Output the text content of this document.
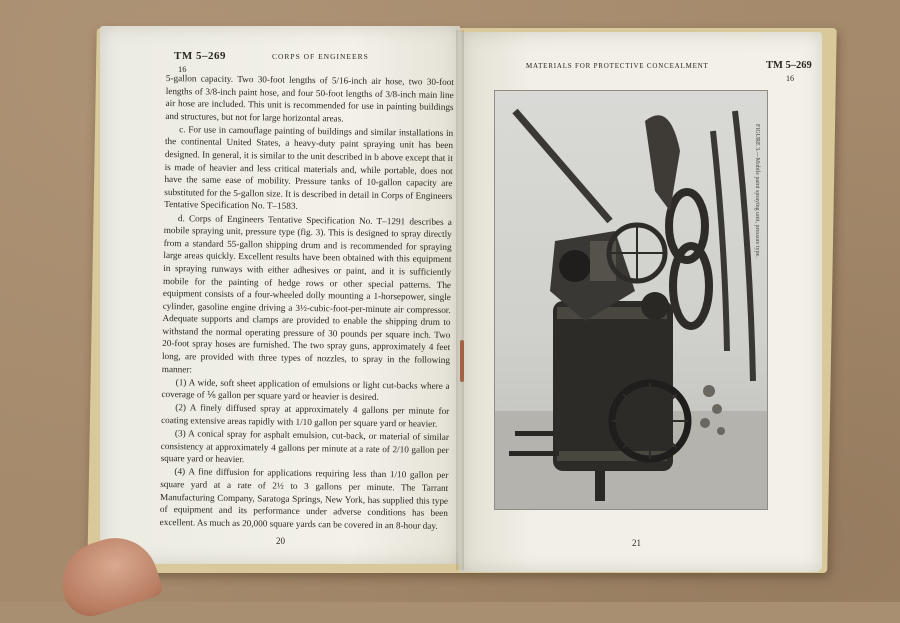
TM 5–269
16
CORPS OF ENGINEERS

5-gallon capacity. Two 30-foot lengths of 5/16-inch air hose, two 30-foot lengths of 3/8-inch paint hose, and four 50-foot lengths of 3/8-inch main line air hose are included. This unit is recommended for use in painting buildings and structures, but not for large horizontal areas.

c. For use in camouflage painting of buildings and similar installations in the continental United States, a heavy-duty paint spraying unit has been designed. In general, it is similar to the unit described in b above except that it is made of heavier and less critical materials and, while portable, does not have the same ease of mobility. Pressure tanks of 10-gallon capacity are substituted for the 5-gallon size. It is described in detail in Corps of Engineers Tentative Specification No. T–1583.

d. Corps of Engineers Tentative Specification No. T–1291 describes a mobile spraying unit, pressure type (fig. 3). This is designed to spray directly from a standard 55-gallon shipping drum and is recommended for spraying large areas quickly. Excellent results have been obtained with this equipment in spraying runways with either adhesives or paint, and it is sufficiently mobile for the painting of hedge rows or other special patterns. The equipment consists of a four-wheeled dolly mounting a 1-horsepower, single cylinder, gasoline engine driving a 3½-cubic-foot-per-minute air compressor. Adequate supports and clamps are provided to enable the shipping drum to withstand the normal operating pressure of 30 pounds per square inch. Two 20-foot spray hoses are furnished. The two spray guns, approximately 4 feet long, are provided with three types of nozzles, to spray in the following manner:

(1) A wide, soft sheet application of emulsions or light cut-backs where a coverage of ⅙ gallon per square yard or heavier is desired.

(2) A finely diffused spray at approximately 4 gallons per minute for coating extensive areas rapidly with 1/10 gallon per square yard or heavier.

(3) A conical spray for asphalt emulsion, cut-back, or material of similar consistency at approximately 4 gallons per minute at a rate of 2/10 gallon per square yard or heavier.

(4) A fine diffusion for applications requiring less than 1/10 gallon per square yard at a rate of 2½ to 3 gallons per minute. The Tarrant Manufacturing Company, Saratoga Springs, New York, has supplied this type of equipment and its performance under adverse conditions has been excellent. As much as 20,000 square yards can be covered in an 8-hour day.

20
MATERIALS FOR PROTECTIVE CONCEALMENT	TM 5–269
16
FIGURE 3.—Mobile paint spraying unit, pressure type.
21
